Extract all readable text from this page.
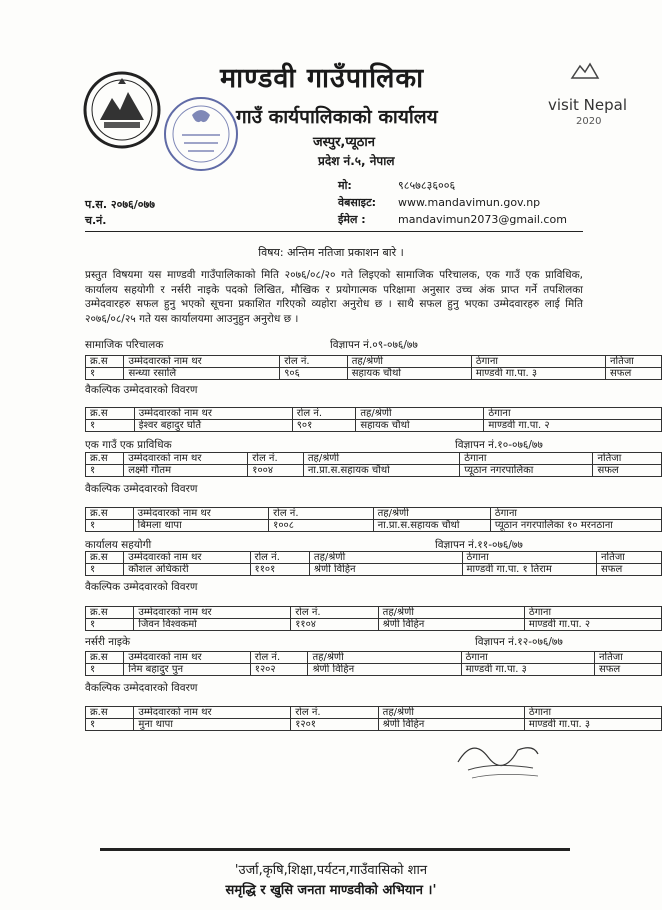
visit Nepal
2020
माण्डवी गाउँपालिका
गाउँ कार्यपालिकाको कार्यालय
जस्पुर,प्यूठान
प्रदेश नं.५, नेपाल
मो:	९८५७८३६००६
वेबसाइट: www.mandavimun.gov.np
ईमेल :	mandavimun2073@gmail.com
प.स. २०७६/०७७
च.नं.
विषय: अन्तिम नतिजा प्रकाशन बारे ।
प्रस्तुत विषयमा यस माण्डवी गाउँपालिकाको मिति २०७६/०८/२० गते लिइएको सामाजिक परिचालक, एक गाउँ एक प्राविधिक, कार्यालय सहयोगी र नर्सरी नाइके पदको लिखित, मौखिक र प्रयोगात्मक परिक्षामा अनुसार उच्च अंक प्राप्त गर्ने तपशिलका उम्मेदवारहरु सफल हुनु भएको सूचना प्रकाशित गरिएको व्यहोरा अनुरोध छ । साथै सफल हुनु भएका उम्मेदवारहरु लाई मिति २०७६/०८/२५ गते यस कार्यालयमा आउनुहुन अनुरोध छ ।
सामाजिक परिचालक	विज्ञापन नं.०९-०७६/७७
क्र.स	उम्मेदवारको नाम थर	रोल नं.	तह/श्रेणी	ठेगाना	नतिजा
१	सन्ध्या रसालि	९०६	सहायक चौथो	माण्डवी गा.पा. ३	सफल
वैकल्पिक उम्मेदवारको विवरण
क्र.स	उम्मेदवारको नाम थर	रोल नं.	तह/श्रेणी	ठेगाना
१	ईश्वर बहादुर घर्ति	९०१	सहायक चौथो	माण्डवी गा.पा. २
एक गाउँ एक प्राविधिक	विज्ञापन नं.१०-०७६/७७
क्र.स	उम्मेदवारको नाम थर	रोल नं.	तह/श्रेणी	ठेगाना	नतिजा
१	लक्ष्मी गौतम	१००४	ना.प्रा.स.सहायक चौथो	प्यूठान नगरपालिका	सफल
वैकल्पिक उम्मेदवारको विवरण
क्र.स	उम्मेदवारको नाम थर	रोल नं.	तह/श्रेणी	ठेगाना
१	बिमला थापा	१००८	ना.प्रा.स.सहायक चौथो	प्यूठान नगरपालिका १० मरनठाना
कार्यालय सहयोगी	विज्ञापन नं.११-०७६/७७
क्र.स	उम्मेदवारको नाम थर	रोल नं.	तह/श्रेणी	ठेगाना	नतिजा
१	कौशल अधिकारी	११०१	श्रेणी विहिन	माण्डवी गा.पा. १ तिराम	सफल
वैकल्पिक उम्मेदवारको विवरण
क्र.स	उम्मेदवारको नाम थर	रोल नं.	तह/श्रेणी	ठेगाना
१	जिवन विश्वकर्मा	११०४	श्रेणी विहिन	माण्डवी गा.पा. २
नर्सरी नाइके	विज्ञापन नं.१२-०७६/७७
क्र.स	उम्मेदवारको नाम थर	रोल नं.	तह/श्रेणी	ठेगाना	नतिजा
१	निम बहादुर पुन	१२०२	श्रेणी विहिन	माण्डवी गा.पा. ३	सफल
वैकल्पिक उम्मेदवारको विवरण
क्र.स	उम्मेदवारको नाम थर	रोल नं.	तह/श्रेणी	ठेगाना
१	मुना थापा	१२०१	श्रेणी विहिन	माण्डवी गा.पा. ३
'उर्जा,कृषि,शिक्षा,पर्यटन,गाउँवासिको शान
समृद्धि र खुसि जनता माण्डवीको अभियान ।'
